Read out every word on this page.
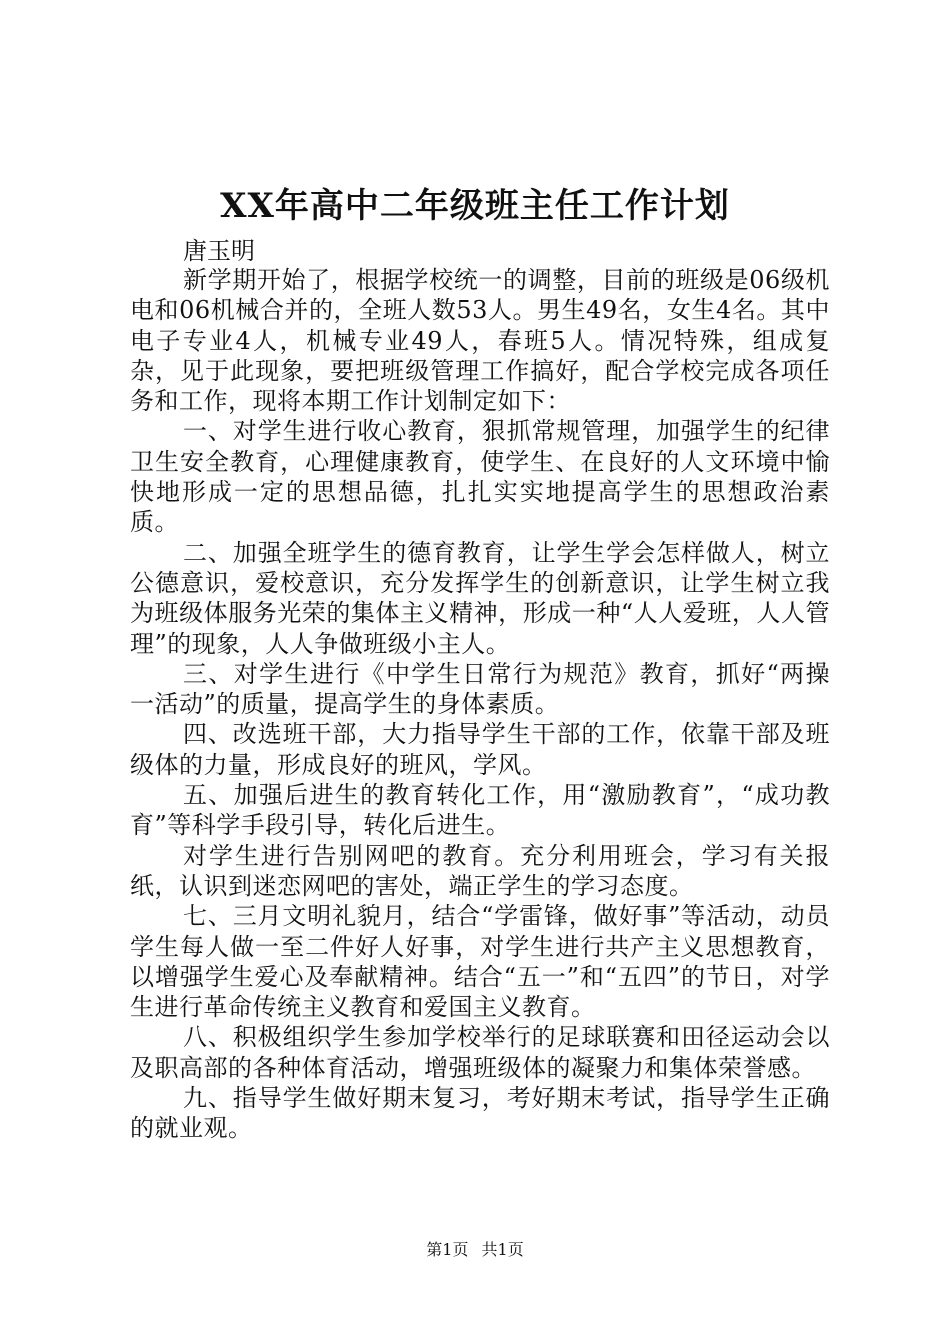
XX年高中二年级班主任工作计划
唐玉明

新学期开始了，根据学校统一的调整，目前的班级是06级机电和06机械合并的，全班人数53人。男生49名，女生4名。其中电子专业4人，机械专业49人，春班5人。情况特殊，组成复杂，见于此现象，要把班级管理工作搞好，配合学校完成各项任务和工作，现将本期工作计划制定如下：

一、对学生进行收心教育，狠抓常规管理，加强学生的纪律卫生安全教育，心理健康教育，使学生、在良好的人文环境中愉快地形成一定的思想品德，扎扎实实地提高学生的思想政治素质。

二、加强全班学生的德育教育，让学生学会怎样做人，树立公德意识，爱校意识，充分发挥学生的创新意识，让学生树立我为班级体服务光荣的集体主义精神，形成一种“人人爱班，人人管理”的现象，人人争做班级小主人。

三、对学生进行《中学生日常行为规范》教育，抓好“两操一活动”的质量，提高学生的身体素质。

四、改选班干部，大力指导学生干部的工作，依靠干部及班级体的力量，形成良好的班风，学风。

五、加强后进生的教育转化工作，用“激励教育”，“成功教育”等科学手段引导，转化后进生。

对学生进行告别网吧的教育。充分利用班会，学习有关报纸，认识到迷恋网吧的害处，端正学生的学习态度。

七、三月文明礼貌月，结合“学雷锋，做好事”等活动，动员学生每人做一至二件好人好事，对学生进行共产主义思想教育，以增强学生爱心及奉献精神。结合“五一”和“五四”的节日，对学生进行革命传统主义教育和爱国主义教育。

八、积极组织学生参加学校举行的足球联赛和田径运动会以及职高部的各种体育活动，增强班级体的凝聚力和集体荣誉感。

九、指导学生做好期末复习，考好期末考试，指导学生正确的就业观。

第1页 共1页
